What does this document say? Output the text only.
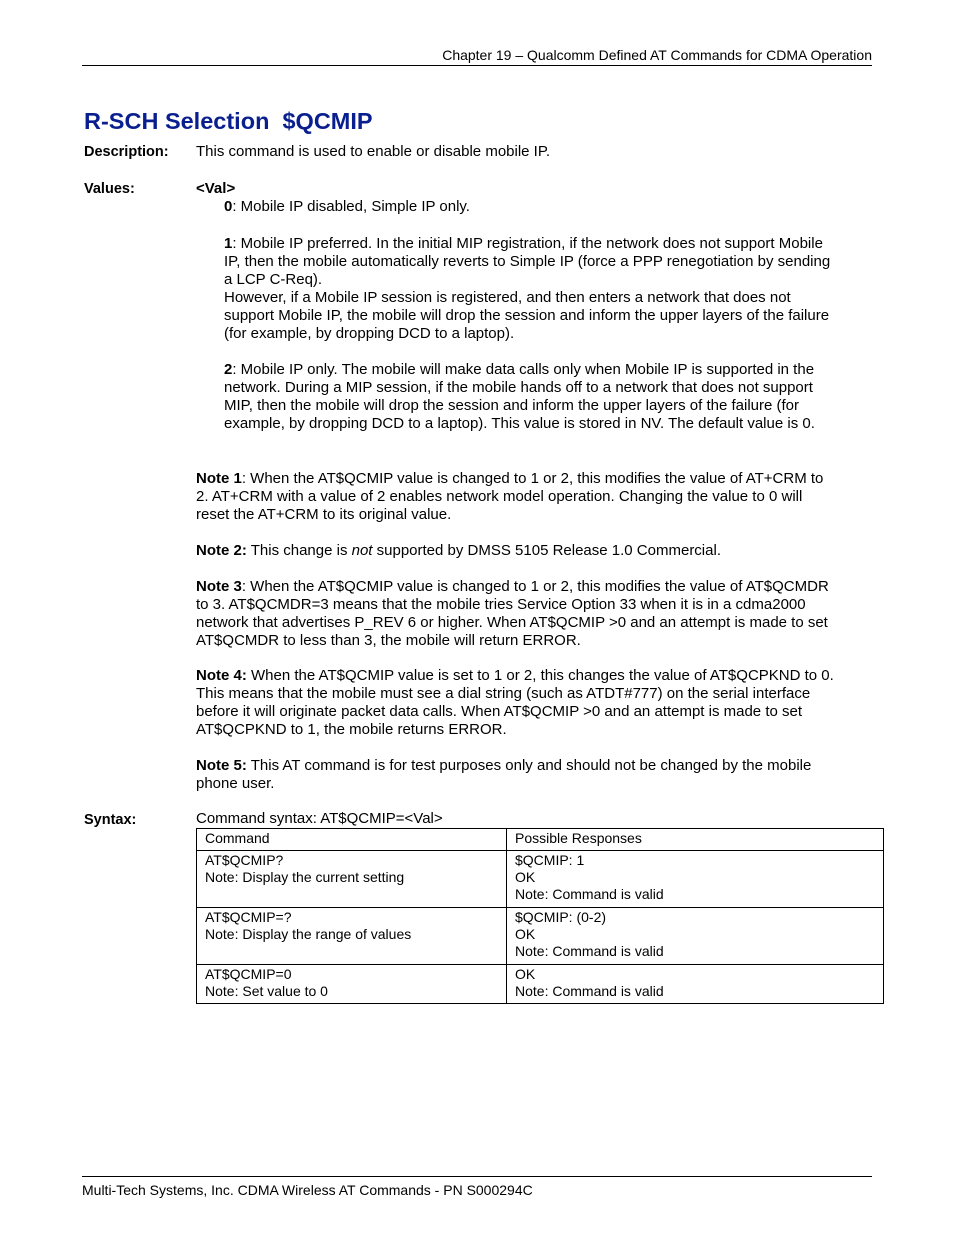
Chapter 19 – Qualcomm Defined AT Commands for CDMA Operation
R-SCH Selection  $QCMIP
Description: This command is used to enable or disable mobile IP.
Values:	<Val>
0: Mobile IP disabled, Simple IP only.
1: Mobile IP preferred. In the initial MIP registration, if the network does not support Mobile IP, then the mobile automatically reverts to Simple IP (force a PPP renegotiation by sending a LCP C-Req).
However, if a Mobile IP session is registered, and then enters a network that does not support Mobile IP, the mobile will drop the session and inform the upper layers of the failure (for example, by dropping DCD to a laptop).
2: Mobile IP only. The mobile will make data calls only when Mobile IP is supported in the network. During a MIP session, if the mobile hands off to a network that does not support MIP, then the mobile will drop the session and inform the upper layers of the failure (for example, by dropping DCD to a laptop). This value is stored in NV. The default value is 0.
Note 1: When the AT$QCMIP value is changed to 1 or 2, this modifies the value of AT+CRM to 2. AT+CRM with a value of 2 enables network model operation. Changing the value to 0 will reset the AT+CRM to its original value.
Note 2: This change is not supported by DMSS 5105 Release 1.0 Commercial.
Note 3: When the AT$QCMIP value is changed to 1 or 2, this modifies the value of AT$QCMDR to 3. AT$QCMDR=3 means that the mobile tries Service Option 33 when it is in a cdma2000 network that advertises P_REV 6 or higher. When AT$QCMIP >0 and an attempt is made to set AT$QCMDR to less than 3, the mobile will return ERROR.
Note 4: When the AT$QCMIP value is set to 1 or 2, this changes the value of AT$QCPKND to 0. This means that the mobile must see a dial string (such as ATDT#777) on the serial interface before it will originate packet data calls. When AT$QCMIP >0 and an attempt is made to set AT$QCPKND to 1, the mobile returns ERROR.
Note 5: This AT command is for test purposes only and should not be changed by the mobile phone user.
Syntax:	Command syntax: AT$QCMIP=<Val>
Command	Possible Responses

AT$QCMIP?
Note: Display the current setting	$QCMIP: 1
OK
Note: Command is valid

AT$QCMIP=?
Note: Display the range of values	$QCMIP: (0-2)
OK
Note: Command is valid

AT$QCMIP=0
Note: Set value to 0	OK
Note: Command is valid
Multi-Tech Systems, Inc. CDMA Wireless AT Commands - PN S000294C
